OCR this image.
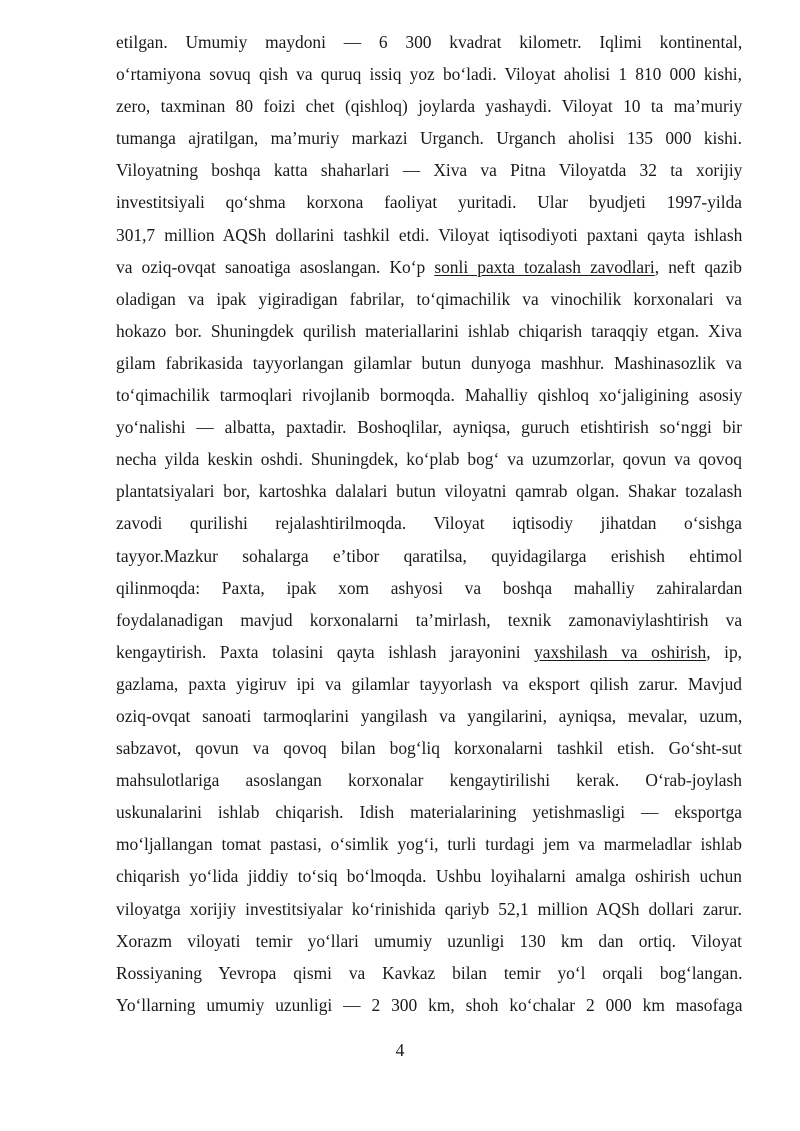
etilgan. Umumiy maydoni — 6 300 kvadrat kilometr. Iqlimi kontinental,
oʻrtamiyona sovuq qish va quruq issiq yoz boʻladi. Viloyat aholisi 1 810 000 kishi,
zero, taxminan 80 foizi chet (qishloq) joylarda yashaydi. Viloyat 10 ta maʼmuriy
tumanga ajratilgan, maʼmuriy markazi Urganch. Urganch aholisi 135 000 kishi.
Viloyatning boshqa katta shaharlari — Xiva va Pitna Viloyatda 32 ta xorijiy
investitsiyali qoʻshma korxona faoliyat yuritadi. Ular byudjeti 1997-yilda
301,7 million AQSh dollarini tashkil etdi. Viloyat iqtisodiyoti paxtani qayta ishlash
va oziq-ovqat sanoatiga asoslangan. Koʻp sonli paxta tozalash zavodlari, neft qazib
oladigan va ipak yigiradigan fabrilar, toʻqimachilik va vinochilik korxonalari va
hokazo bor. Shuningdek qurilish materiallarini ishlab chiqarish taraqqiy etgan. Xiva
gilam fabrikasida tayyorlangan gilamlar butun dunyoga mashhur. Mashinasozlik va
toʻqimachilik tarmoqlari rivojlanib bormoqda. Mahalliy qishloq xoʻjaligining asosiy
yoʻnalishi — albatta, paxtadir. Boshoqlilar, ayniqsa, guruch etishtirish soʻnggi bir
necha yilda keskin oshdi. Shuningdek, koʻplab bogʻ va uzumzorlar, qovun va qovoq
plantatsiyalari bor, kartoshka dalalari butun viloyatni qamrab olgan. Shakar tozalash
zavodi qurilishi rejalashtirilmoqda. Viloyat iqtisodiy jihatdan oʻsishga
tayyor.Mazkur sohalarga eʼtibor qaratilsa, quyidagilarga erishish ehtimol
qilinmoqda: Paxta, ipak xom ashyosi va boshqa mahalliy zahiralardan
foydalanadigan mavjud korxonalarni taʼmirlash, texnik zamonaviylashtirish va
kengaytirish. Paxta tolasini qayta ishlash jarayonini yaxshilash va oshirish, ip,
gazlama, paxta yigiruv ipi va gilamlar tayyorlash va eksport qilish zarur. Mavjud
oziq-ovqat sanoati tarmoqlarini yangilash va yangilarini, ayniqsa, mevalar, uzum,
sabzavot, qovun va qovoq bilan bogʻliq korxonalarni tashkil etish. Goʻsht-sut
mahsulotlariga asoslangan korxonalar kengaytirilishi kerak. Oʻrab-joylash
uskunalarini ishlab chiqarish. Idish materialarining yetishmasligi — eksportga
moʻljallangan tomat pastasi, oʻsimlik yogʻi, turli turdagi jem va marmeladlar ishlab
chiqarish yoʻlida jiddiy toʻsiq boʻlmoqda. Ushbu loyihalarni amalga oshirish uchun
viloyatga xorijiy investitsiyalar koʻrinishida qariyb 52,1 million AQSh dollari zarur.
Xorazm viloyati temir yoʻllari umumiy uzunligi 130 km dan ortiq. Viloyat
Rossiyaning Yevropa qismi va Kavkaz bilan temir yoʻl orqali bogʻlangan.
Yoʻllarning umumiy uzunligi — 2 300 km, shoh koʻchalar 2 000 km masofaga
4
